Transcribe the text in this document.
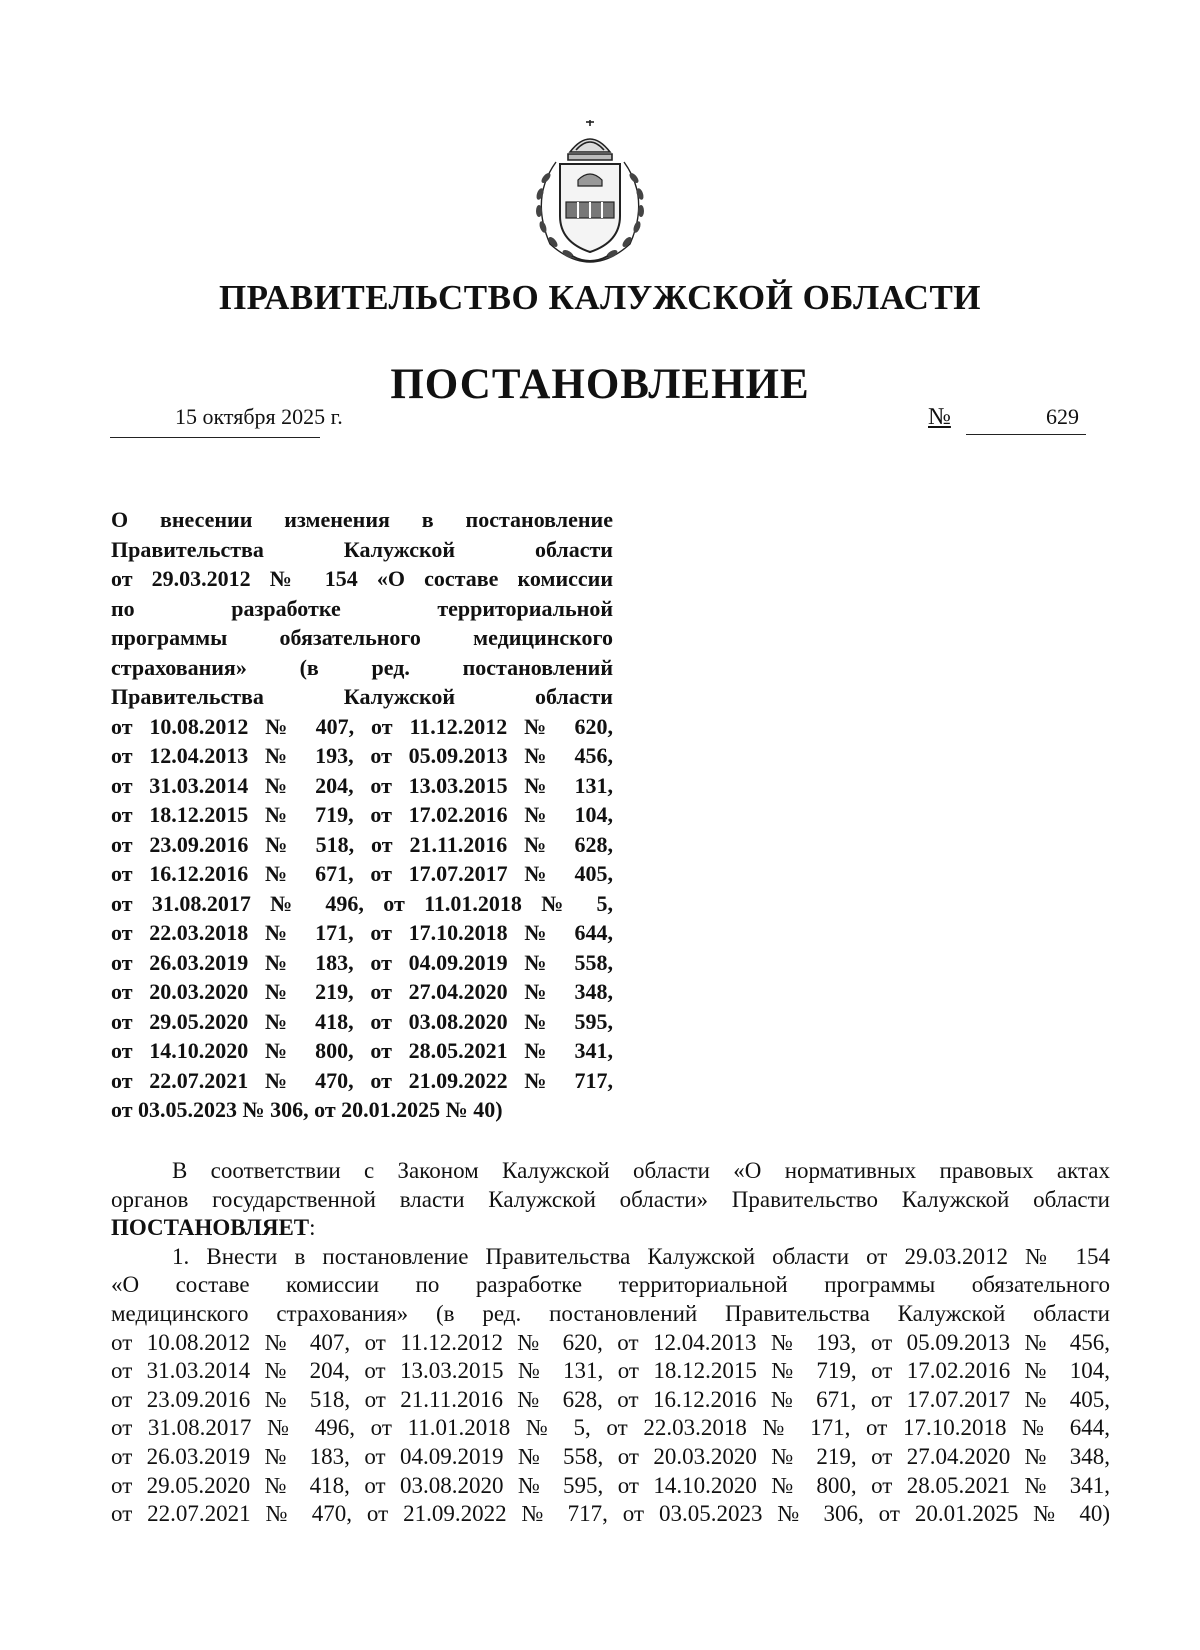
ПРАВИТЕЛЬСТВО КАЛУЖСКОЙ ОБЛАСТИ
ПОСТАНОВЛЕНИЕ
15 октября 2025 г.	№	629
О внесении изменения в постановление
Правительства Калужской области
от 29.03.2012 № 154 «О составе комиссии
по разработке территориальной
программы обязательного медицинского
страхования» (в ред. постановлений
Правительства Калужской области
от 10.08.2012 № 407, от 11.12.2012 № 620,
от 12.04.2013 № 193, от 05.09.2013 № 456,
от 31.03.2014 № 204, от 13.03.2015 № 131,
от 18.12.2015 № 719, от 17.02.2016 № 104,
от 23.09.2016 № 518, от 21.11.2016 № 628,
от 16.12.2016 № 671, от 17.07.2017 № 405,
от 31.08.2017 № 496, от 11.01.2018 № 5,
от 22.03.2018 № 171, от 17.10.2018 № 644,
от 26.03.2019 № 183, от 04.09.2019 № 558,
от 20.03.2020 № 219, от 27.04.2020 № 348,
от 29.05.2020 № 418, от 03.08.2020 № 595,
от 14.10.2020 № 800, от 28.05.2021 № 341,
от 22.07.2021 № 470, от 21.09.2022 № 717,
от 03.05.2023 № 306, от 20.01.2025 № 40)
В соответствии с Законом Калужской области «О нормативных правовых актах
органов государственной власти Калужской области» Правительство Калужской области
ПОСТАНОВЛЯЕТ:
1. Внести в постановление Правительства Калужской области от 29.03.2012 № 154
«О составе комиссии по разработке территориальной программы обязательного
медицинского страхования» (в ред. постановлений Правительства Калужской области
от 10.08.2012 № 407, от 11.12.2012 № 620, от 12.04.2013 № 193, от 05.09.2013 № 456,
от 31.03.2014 № 204, от 13.03.2015 № 131, от 18.12.2015 № 719, от 17.02.2016 № 104,
от 23.09.2016 № 518, от 21.11.2016 № 628, от 16.12.2016 № 671, от 17.07.2017 № 405,
от 31.08.2017 № 496, от 11.01.2018 № 5, от 22.03.2018 № 171, от 17.10.2018 № 644,
от 26.03.2019 № 183, от 04.09.2019 № 558, от 20.03.2020 № 219, от 27.04.2020 № 348,
от 29.05.2020 № 418, от 03.08.2020 № 595, от 14.10.2020 № 800, от 28.05.2021 № 341,
от 22.07.2021 № 470, от 21.09.2022 № 717, от 03.05.2023 № 306, от 20.01.2025 № 40)
